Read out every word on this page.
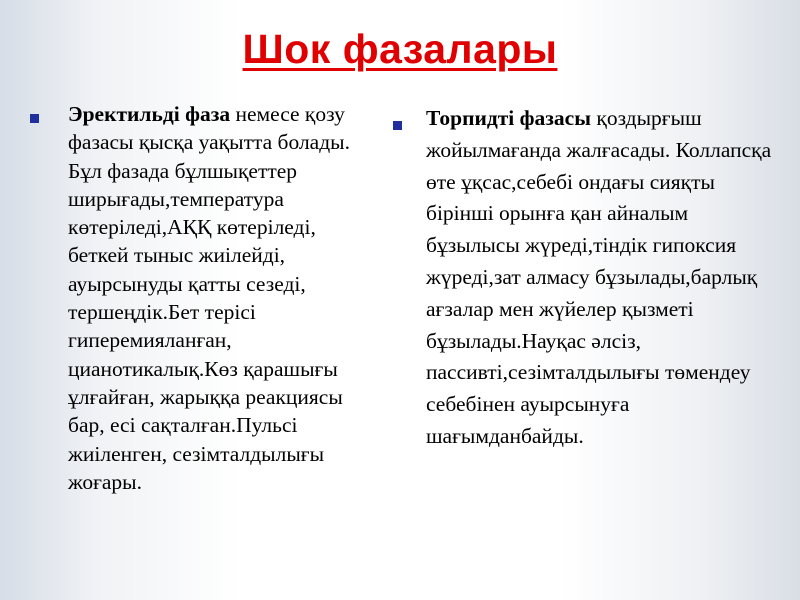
Шок фазалары
Эректильді фаза немесе қозу фазасы қысқа уақытта болады. Бұл фазада бұлшықеттер ширығады,температура көтеріледі,АҚҚ көтеріледі, беткей тыныс жиілейді, ауырсынуды қатты сезеді, тершеңдік.Бет терісі гиперемияланған, цианотикалық.Көз қарашығы ұлғайған, жарыққа реакциясы бар, есі сақталған.Пульсі жиіленген, сезімталдылығы жоғары.
Торпидті фазасы қоздырғыш жойылмағанда жалғасады. Коллапсқа өте ұқсас,себебі ондағы сияқты бірінші орынға қан айналым бұзылысы жүреді,тіндік гипоксия жүреді,зат алмасу бұзылады,барлық ағзалар мен жүйелер қызметі бұзылады.Науқас әлсіз, пассивті,сезімталдылығы төмендеу себебінен ауырсынуға шағымданбайды.
